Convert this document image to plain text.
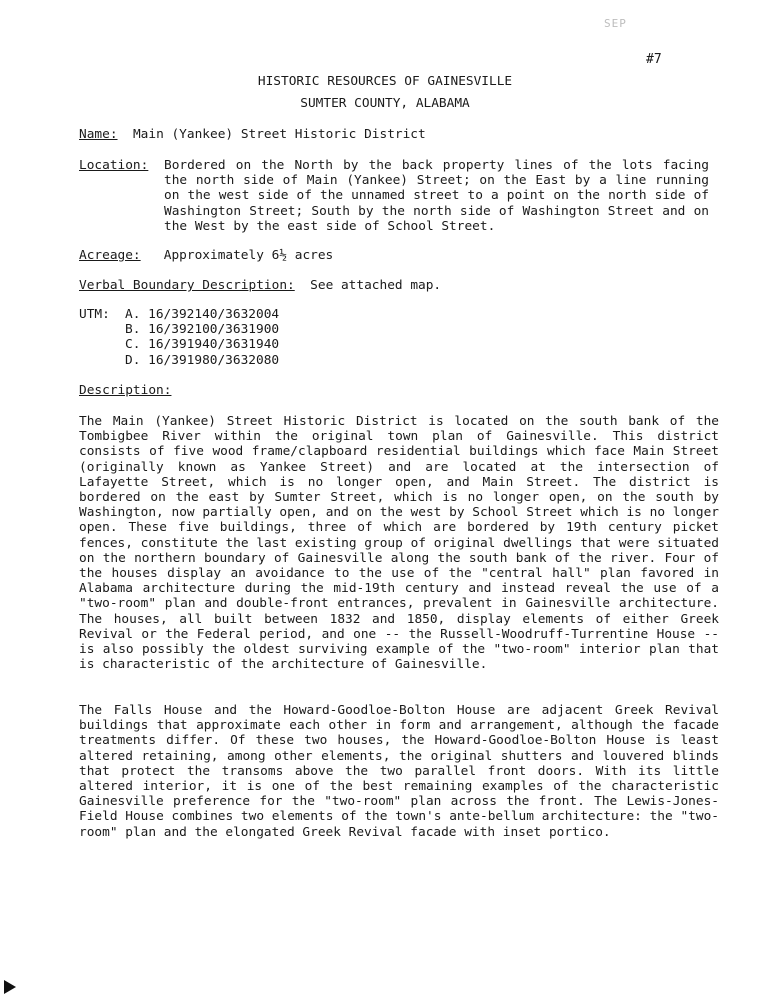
SEP
#7
HISTORIC RESOURCES OF GAINESVILLE
SUMTER COUNTY, ALABAMA
Name: Main (Yankee) Street Historic District
Location: Bordered on the North by the back property lines of the lots facing the north side of Main (Yankee) Street; on the East by a line running on the west side of the unnamed street to a point on the north side of Washington Street; South by the north side of Washington Street and on the West by the east side of School Street.
Acreage: Approximately 6½ acres
Verbal Boundary Description: See attached map.
UTM: A. 16/392140/3632004
B. 16/392100/3631900
C. 16/391940/3631940
D. 16/391980/3632080
Description:
The Main (Yankee) Street Historic District is located on the south bank of the Tombigbee River within the original town plan of Gainesville. This district consists of five wood frame/clapboard residential buildings which face Main Street (originally known as Yankee Street) and are located at the intersection of Lafayette Street, which is no longer open, and Main Street. The district is bordered on the east by Sumter Street, which is no longer open, on the south by Washington, now partially open, and on the west by School Street which is no longer open. These five buildings, three of which are bordered by 19th century picket fences, constitute the last existing group of original dwellings that were situated on the northern boundary of Gainesville along the south bank of the river. Four of the houses display an avoidance to the use of the "central hall" plan favored in Alabama architecture during the mid-19th century and instead reveal the use of a "two-room" plan and double-front entrances, prevalent in Gainesville architecture. The houses, all built between 1832 and 1850, display elements of either Greek Revival or the Federal period, and one -- the Russell-Woodruff-Turrentine House -- is also possibly the oldest surviving example of the "two-room" interior plan that is characteristic of the architecture of Gainesville.
The Falls House and the Howard-Goodloe-Bolton House are adjacent Greek Revival buildings that approximate each other in form and arrangement, although the facade treatments differ. Of these two houses, the Howard-Goodloe-Bolton House is least altered retaining, among other elements, the original shutters and louvered blinds that protect the transoms above the two parallel front doors. With its little altered interior, it is one of the best remaining examples of the characteristic Gainesville preference for the "two-room" plan across the front. The Lewis-Jones-Field House combines two elements of the town's ante-bellum architecture: the "two-room" plan and the elongated Greek Revival facade with inset portico.
